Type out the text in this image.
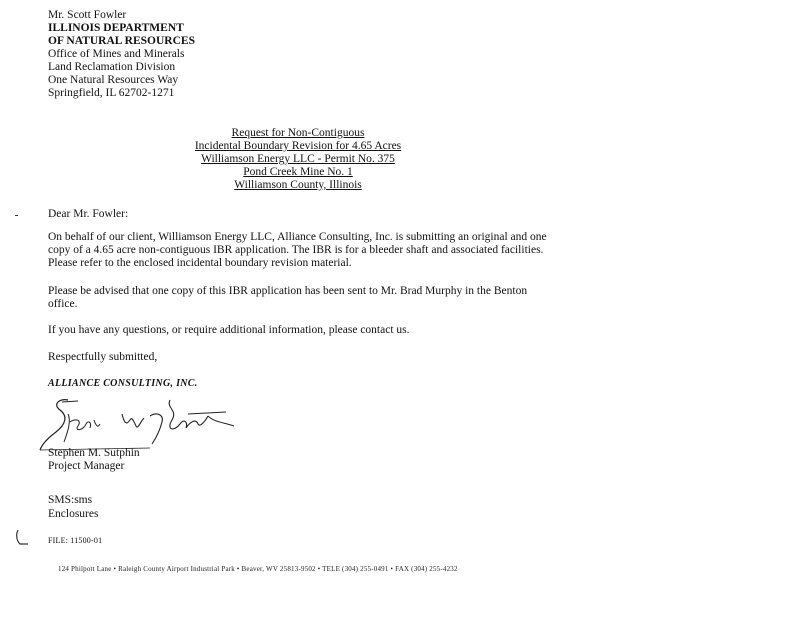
Mr. Scott Fowler
ILLINOIS DEPARTMENT
OF NATURAL RESOURCES
Office of Mines and Minerals
Land Reclamation Division
One Natural Resources Way
Springfield, IL 62702-1271
Request for Non-Contiguous
Incidental Boundary Revision for 4.65 Acres
Williamson Energy LLC - Permit No. 375
Pond Creek Mine No. 1
Williamson County, Illinois
Dear Mr. Fowler:
On behalf of our client, Williamson Energy LLC, Alliance Consulting, Inc. is submitting an original and one copy of a 4.65 acre non-contiguous IBR application. The IBR is for a bleeder shaft and associated facilities. Please refer to the enclosed incidental boundary revision material.
Please be advised that one copy of this IBR application has been sent to Mr. Brad Murphy in the Benton office.
If you have any questions, or require additional information, please contact us.
Respectfully submitted,
ALLIANCE CONSULTING, INC.
Stephen M. Sutphin
Project Manager
SMS:sms
Enclosures
FILE: 11500-01
124 Philpott Lane • Raleigh County Airport Industrial Park • Beaver, WV 25813-9502 • TELE (304) 255-0491 • FAX (304) 255-4232
